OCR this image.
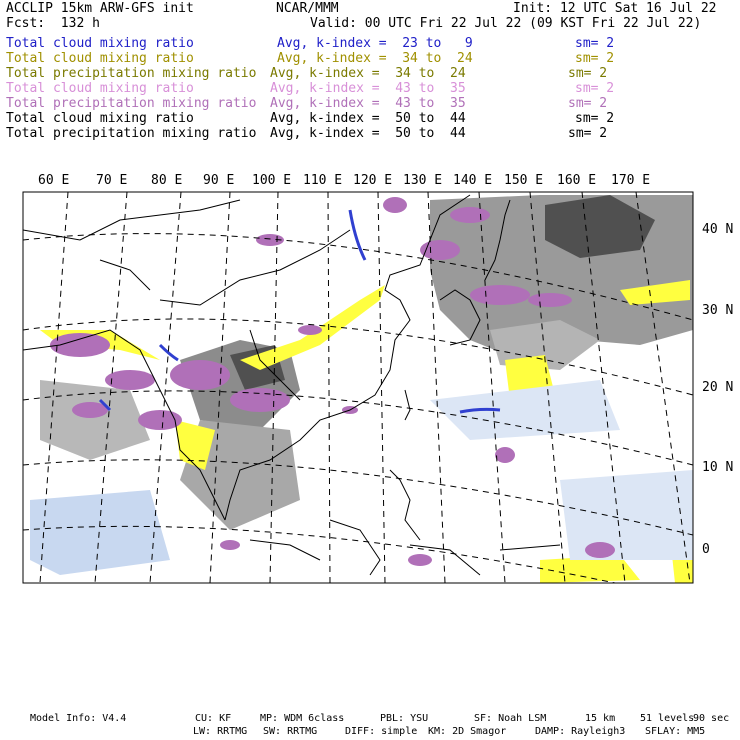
ACCLIP 15km ARW-GFS init	NCAR/MMM	Init: 12 UTC Sat 16 Jul 22
Fcst:  132 h	Valid: 00 UTC Fri 22 Jul 22 (09 KST Fri 22 Jul 22)
Total cloud mixing ratio	Avg, k-index =  23 to   9	sm= 2
Total cloud mixing ratio	Avg, k-index =  34 to  24	sm= 2
Total precipitation mixing ratio Avg, k-index =  34 to  24	sm= 2
Total cloud mixing ratio	Avg, k-index =  43 to  35	sm= 2
Total precipitation mixing ratio Avg, k-index =  43 to  35	sm= 2
Total cloud mixing ratio	Avg, k-index =  50 to  44	sm= 2
Total precipitation mixing ratio Avg, k-index =  50 to  44	sm= 2
60 E 70 E 80 E 90 E 100 E 110 E 120 E 130 E 140 E 150 E 160 E 170 E
40 N
30 N
20 N
10 N
0
Model Info: V4.4	CU: KF	MP: WDM 6class	PBL: YSU	SF: Noah LSM	15 km 51 levels
90 sec
LW: RRTMG SW: RRTMG	DIFF: simple KM: 2D Smagor	DAMP: Rayleigh3 SFLAY: MM5
